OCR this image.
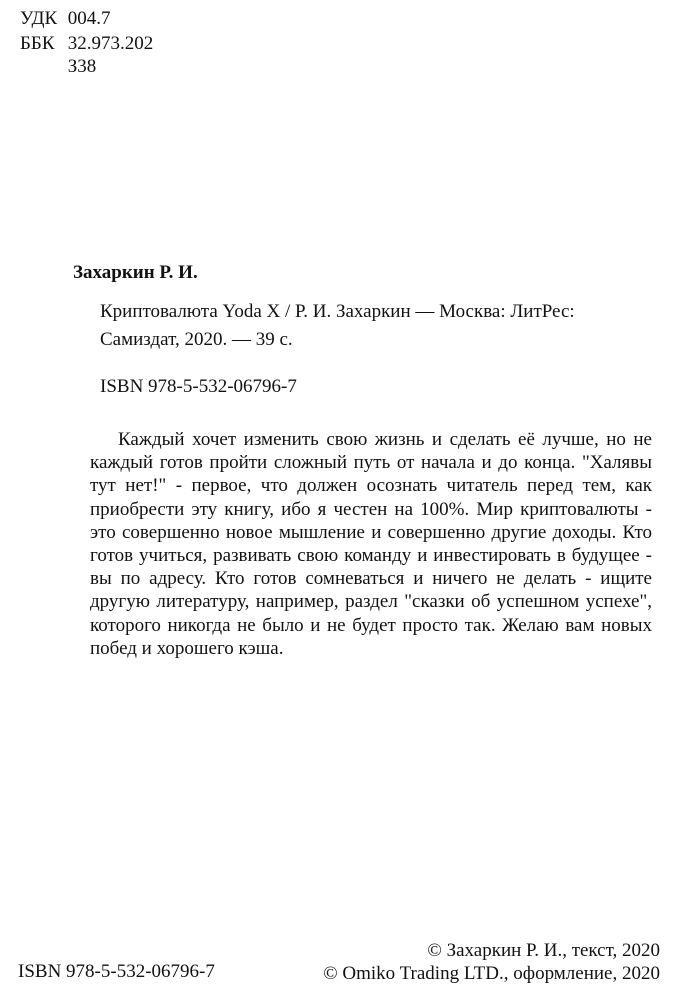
УДК 004.7
ББК 32.973.202
З38
Захаркин Р. И.
Криптовалюта Yoda X / Р. И. Захаркин — Москва: ЛитРес:
Самиздат, 2020. — 39 с.
ISBN 978-5-532-06796-7
Каждый хочет изменить свою жизнь и сделать её лучше, но не каждый готов пройти сложный путь от начала и до конца. "Халявы тут нет!" - первое, что должен осознать читатель перед тем, как приобрести эту книгу, ибо я честен на 100%. Мир криптовалюты - это совершенно новое мышление и совершенно другие доходы. Кто готов учиться, развивать свою команду и инвестировать в будущее - вы по адресу. Кто готов сомневаться и ничего не делать - ищите другую литературу, например, раздел "сказки об успешном успехе", которого никогда не было и не будет просто так. Желаю вам новых побед и хорошего кэша.
ISBN 978-5-532-06796-7
© Захаркин Р. И., текст, 2020
© Omiko Trading LTD., оформление, 2020
